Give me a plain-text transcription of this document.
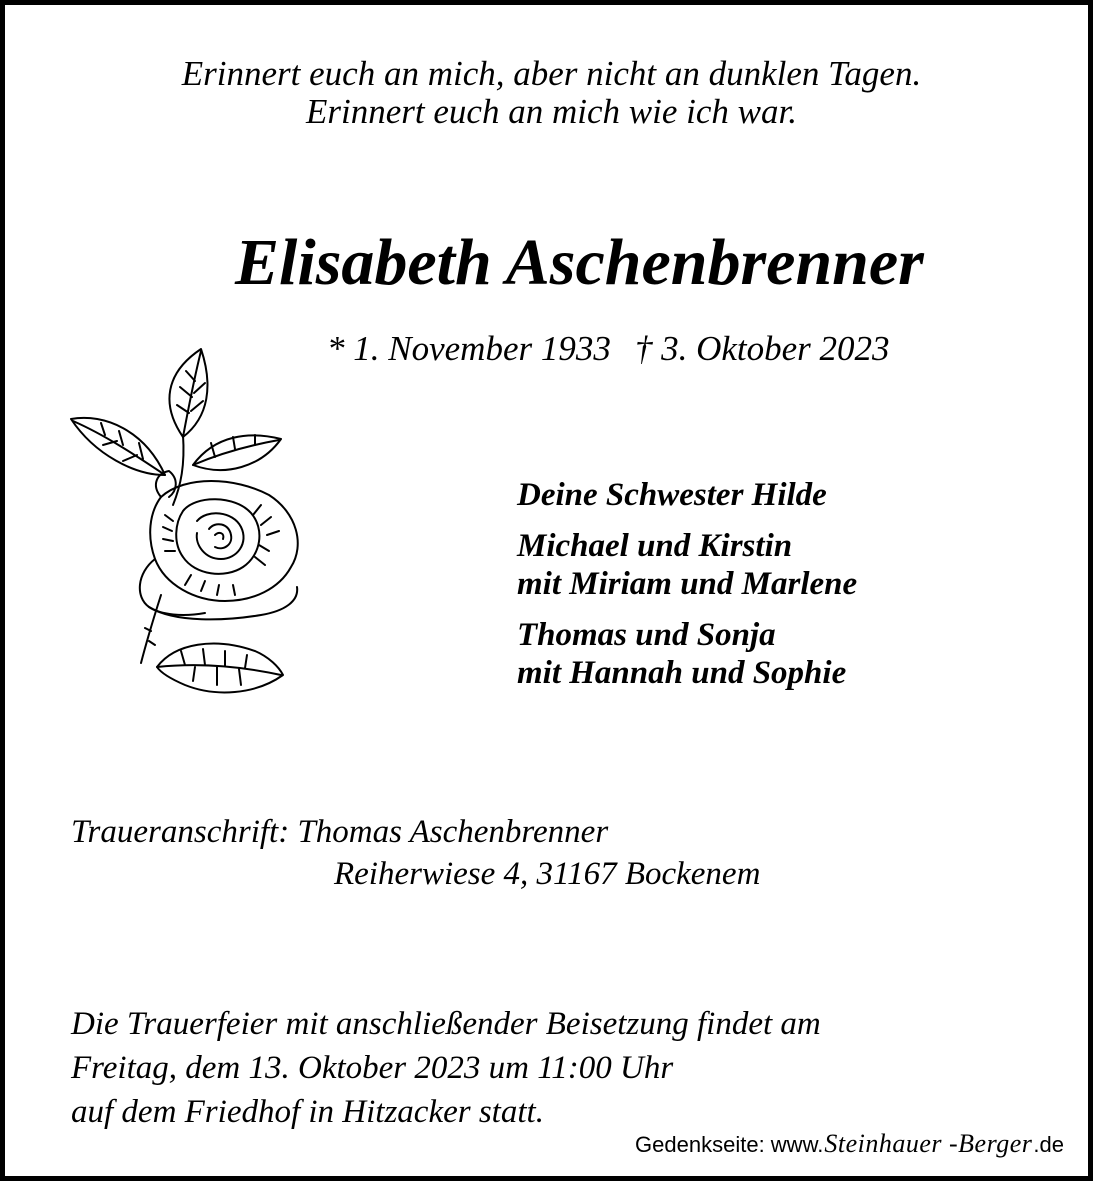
Erinnert euch an mich, aber nicht an dunklen Tagen.
Erinnert euch an mich wie ich war.
Elisabeth Aschenbrenner
* 1. November 1933 † 3. Oktober 2023
Deine Schwester Hilde
Michael und Kirstin
mit Miriam und Marlene
Thomas und Sonja
mit Hannah und Sophie
Traueranschrift: Thomas Aschenbrenner
Reiherwiese 4, 31167 Bockenem
Die Trauerfeier mit anschließender Beisetzung findet am
Freitag, dem 13. Oktober 2023 um 11:00 Uhr
auf dem Friedhof in Hitzacker statt.
Gedenkseite: www. Steinhauer -Berger .de
